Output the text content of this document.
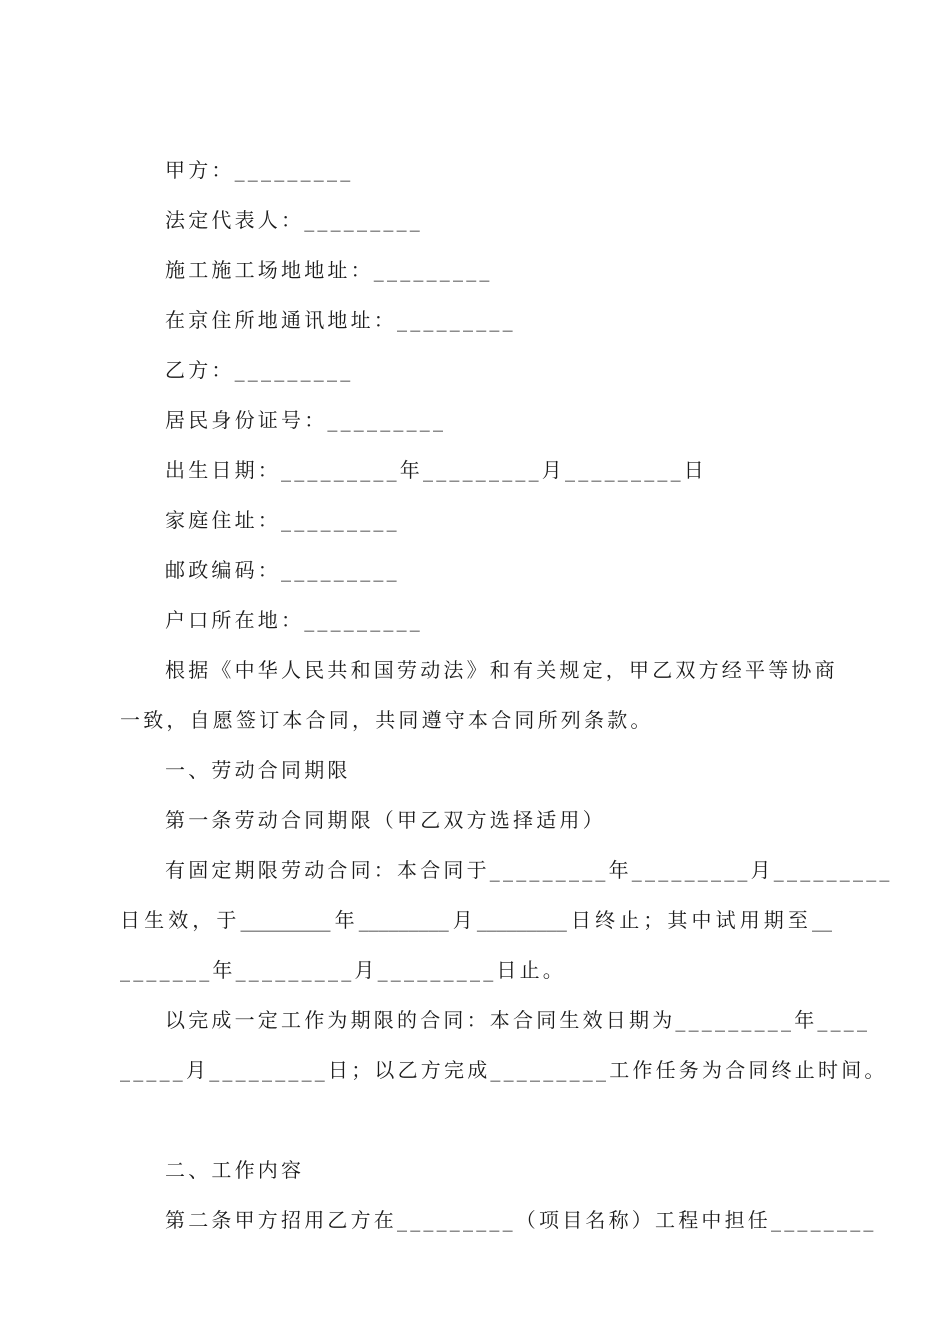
甲方：_________
法定代表人：_________
施工施工场地地址：_________
在京住所地通讯地址：_________
乙方：_________
居民身份证号：_________
出生日期：_________年_________月_________日
家庭住址：_________
邮政编码：_________
户口所在地：_________
根据《中华人民共和国劳动法》和有关规定，甲乙双方经平等协商
一致，自愿签订本合同，共同遵守本合同所列条款。
一、劳动合同期限
第一条劳动合同期限（甲乙双方选择适用）
有固定期限劳动合同：本合同于_________年_________月_________
日生效，于_________年_________月_________日终止；其中试用期至__
_______年_________月_________日止。
以完成一定工作为期限的合同：本合同生效日期为_________年____
_____月_________日；以乙方完成_________工作任务为合同终止时间。
二、工作内容
第二条甲方招用乙方在_________（项目名称）工程中担任________
